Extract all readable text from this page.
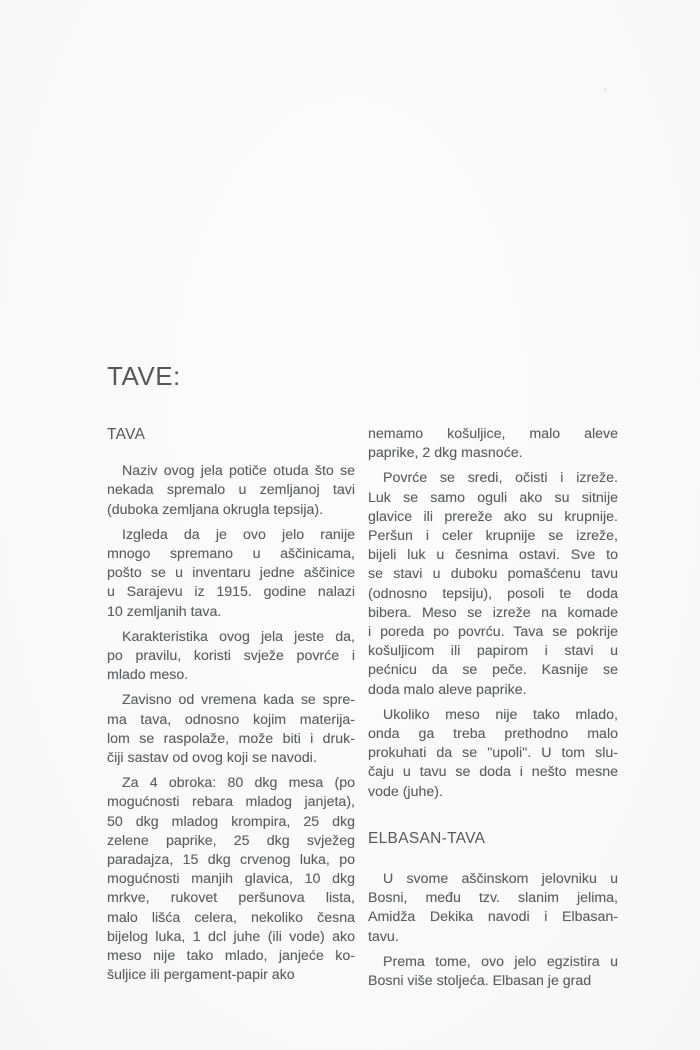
TAVE:
TAVA
Naziv ovog jela potiče otuda što se
nekada spremalo u zemljanoj tavi
(duboka zemljana okrugla tepsija).
Izgleda da je ovo jelo ranije
mnogo spremano u aščinicama,
pošto se u inventaru jedne aščinice
u Sarajevu iz 1915. godine nalazi
10 zemljanih tava.
Karakteristika ovog jela jeste da,
po pravilu, koristi svježe povrće i
mlado meso.
Zavisno od vremena kada se spre-
ma tava, odnosno kojim materija-
lom se raspolaže, može biti i druk-
čiji sastav od ovog koji se navodi.
Za 4 obroka: 80 dkg mesa (po
mogućnosti rebara mladog janjeta),
50 dkg mladog krompira, 25 dkg
zelene paprike, 25 dkg svježeg
paradajza, 15 dkg crvenog luka, po
mogućnosti manjih glavica, 10 dkg
mrkve, rukovet peršunova lista,
malo lišća celera, nekoliko česna
bijelog luka, 1 dcl juhe (ili vode) ako
meso nije tako mlado, janjeće ko-
šuljice ili pergament-papir ako
nemamo košuljice, malo aleve
paprike, 2 dkg masnoće.
Povrće se sredi, očisti i izreže.
Luk se samo oguli ako su sitnije
glavice ili prereže ako su krupnije.
Peršun i celer krupnije se izreže,
bijeli luk u česnima ostavi. Sve to
se stavi u duboku pomašćenu tavu
(odnosno tepsiju), posoli te doda
bibera. Meso se izreže na komade
i poreda po povrću. Tava se pokrije
košuljicom ili papirom i stavi u
pećnicu da se peče. Kasnije se
doda malo aleve paprike.
Ukoliko meso nije tako mlado,
onda ga treba prethodno malo
prokuhati da se "upoli". U tom slu-
čaju u tavu se doda i nešto mesne
vode (juhe).
ELBASAN-TAVA
U svome aščinskom jelovniku u
Bosni, među tzv. slanim jelima,
Amidža Dekika navodi i Elbasan-
tavu.
Prema tome, ovo jelo egzistira u
Bosni više stoljeća. Elbasan je grad
